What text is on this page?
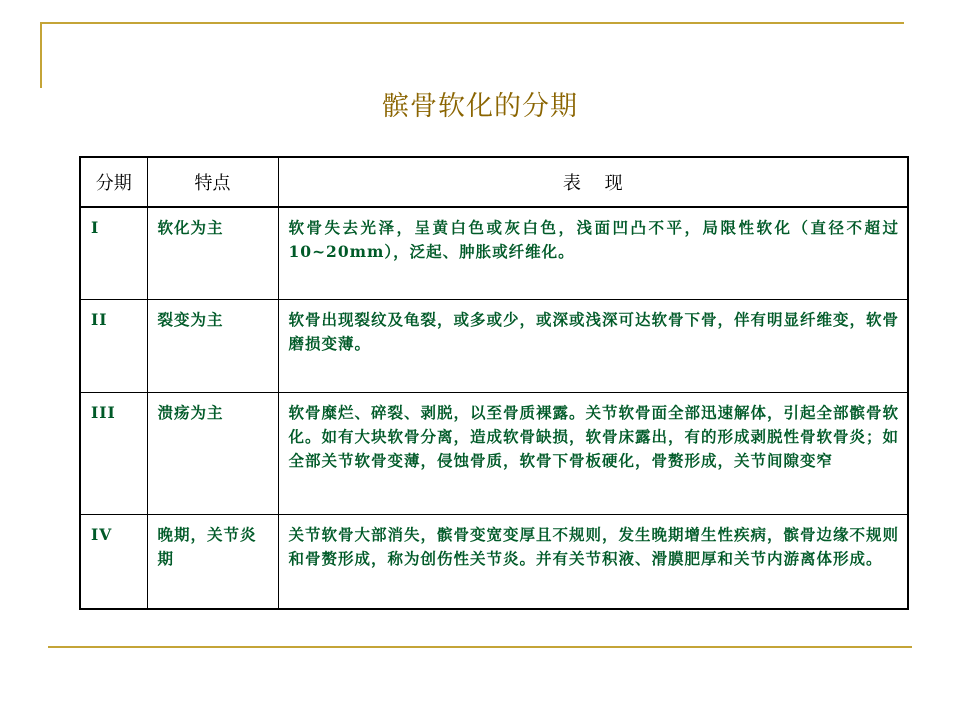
髌骨软化的分期
分期	特点	表　 现
I	软化为主	软骨失去光泽，呈黄白色或灰白色，浅面凹凸不平，局限性软化（直径不超过10~20mm），泛起、肿胀或纤维化。
II	裂变为主	软骨出现裂纹及龟裂，或多或少，或深或浅深可达软骨下骨，伴有明显纤维变，软骨磨损变薄。
III	溃疡为主	软骨糜烂、碎裂、剥脱，以至骨质裸露。关节软骨面全部迅速解体，引起全部髌骨软化。如有大块软骨分离，造成软骨缺损，软骨床露出，有的形成剥脱性骨软骨炎；如全部关节软骨变薄，侵蚀骨质，软骨下骨板硬化，骨赘形成，关节间隙变窄
IV	晚期，关节炎期	关节软骨大部消失，髌骨变宽变厚且不规则，发生晚期增生性疾病，髌骨边缘不规则和骨赘形成，称为创伤性关节炎。并有关节积液、滑膜肥厚和关节内游离体形成。
